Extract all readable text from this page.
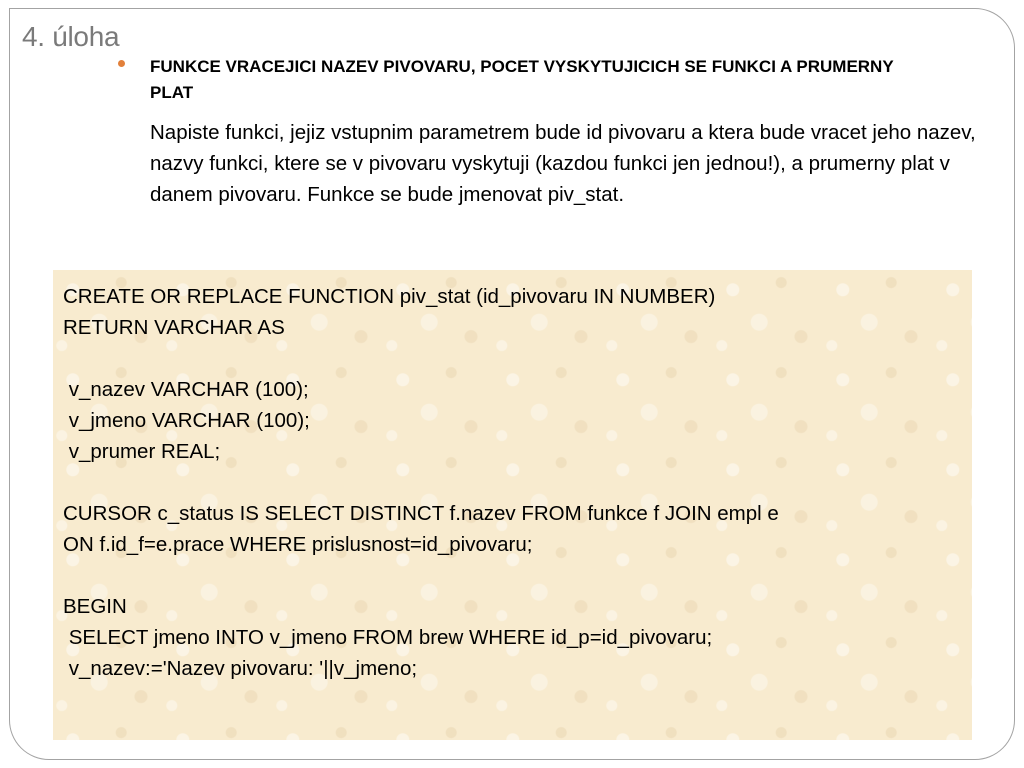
4. úloha

FUNKCE VRACEJICI NAZEV PIVOVARU, POCET VYSKYTUJICICH SE FUNKCI A PRUMERNY PLAT

Napiste funkci, jejiz vstupnim parametrem bude id pivovaru a ktera bude vracet jeho nazev, nazvy funkci, ktere se v pivovaru vyskytuji (kazdou funkci jen jednou!), a prumerny plat v danem pivovaru. Funkce se bude jmenovat piv_stat.

CREATE OR REPLACE FUNCTION piv_stat (id_pivovaru IN NUMBER)
RETURN VARCHAR AS

v_nazev VARCHAR (100);
v_jmeno VARCHAR (100);
v_prumer REAL;

CURSOR c_status IS SELECT DISTINCT f.nazev FROM funkce f JOIN empl e
ON f.id_f=e.prace WHERE prislusnost=id_pivovaru;

BEGIN
SELECT jmeno INTO v_jmeno FROM brew WHERE id_p=id_pivovaru;
v_nazev:='Nazev pivovaru: '||v_jmeno;
